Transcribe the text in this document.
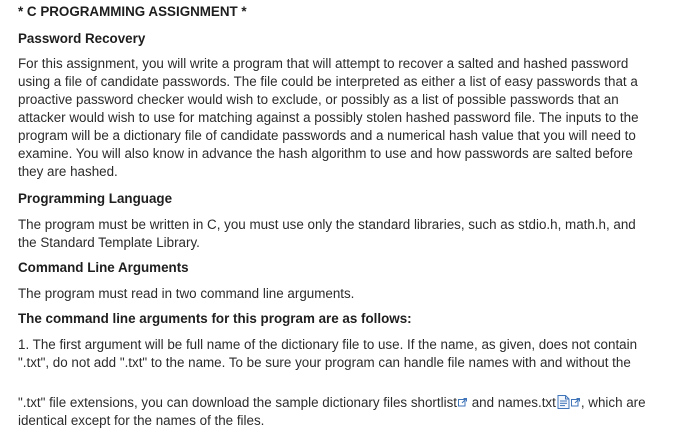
* C PROGRAMMING ASSIGNMENT *
Password Recovery
For this assignment, you will write a program that will attempt to recover a salted and hashed password
using a file of candidate passwords. The file could be interpreted as either a list of easy passwords that a
proactive password checker would wish to exclude, or possibly as a list of possible passwords that an
attacker would wish to use for matching against a possibly stolen hashed password file. The inputs to the
program will be a dictionary file of candidate passwords and a numerical hash value that you will need to
examine. You will also know in advance the hash algorithm to use and how passwords are salted before
they are hashed.
Programming Language
The program must be written in C, you must use only the standard libraries, such as stdio.h, math.h, and
the Standard Template Library.
Command Line Arguments
The program must read in two command line arguments.
The command line arguments for this program are as follows:
1. The first argument will be full name of the dictionary file to use. If the name, as given, does not contain
".txt", do not add ".txt" to the name. To be sure your program can handle file names with and without the
".txt" file extensions, you can download the sample dictionary files shortlist
and names.txt , which are
identical except for the names of the files.
